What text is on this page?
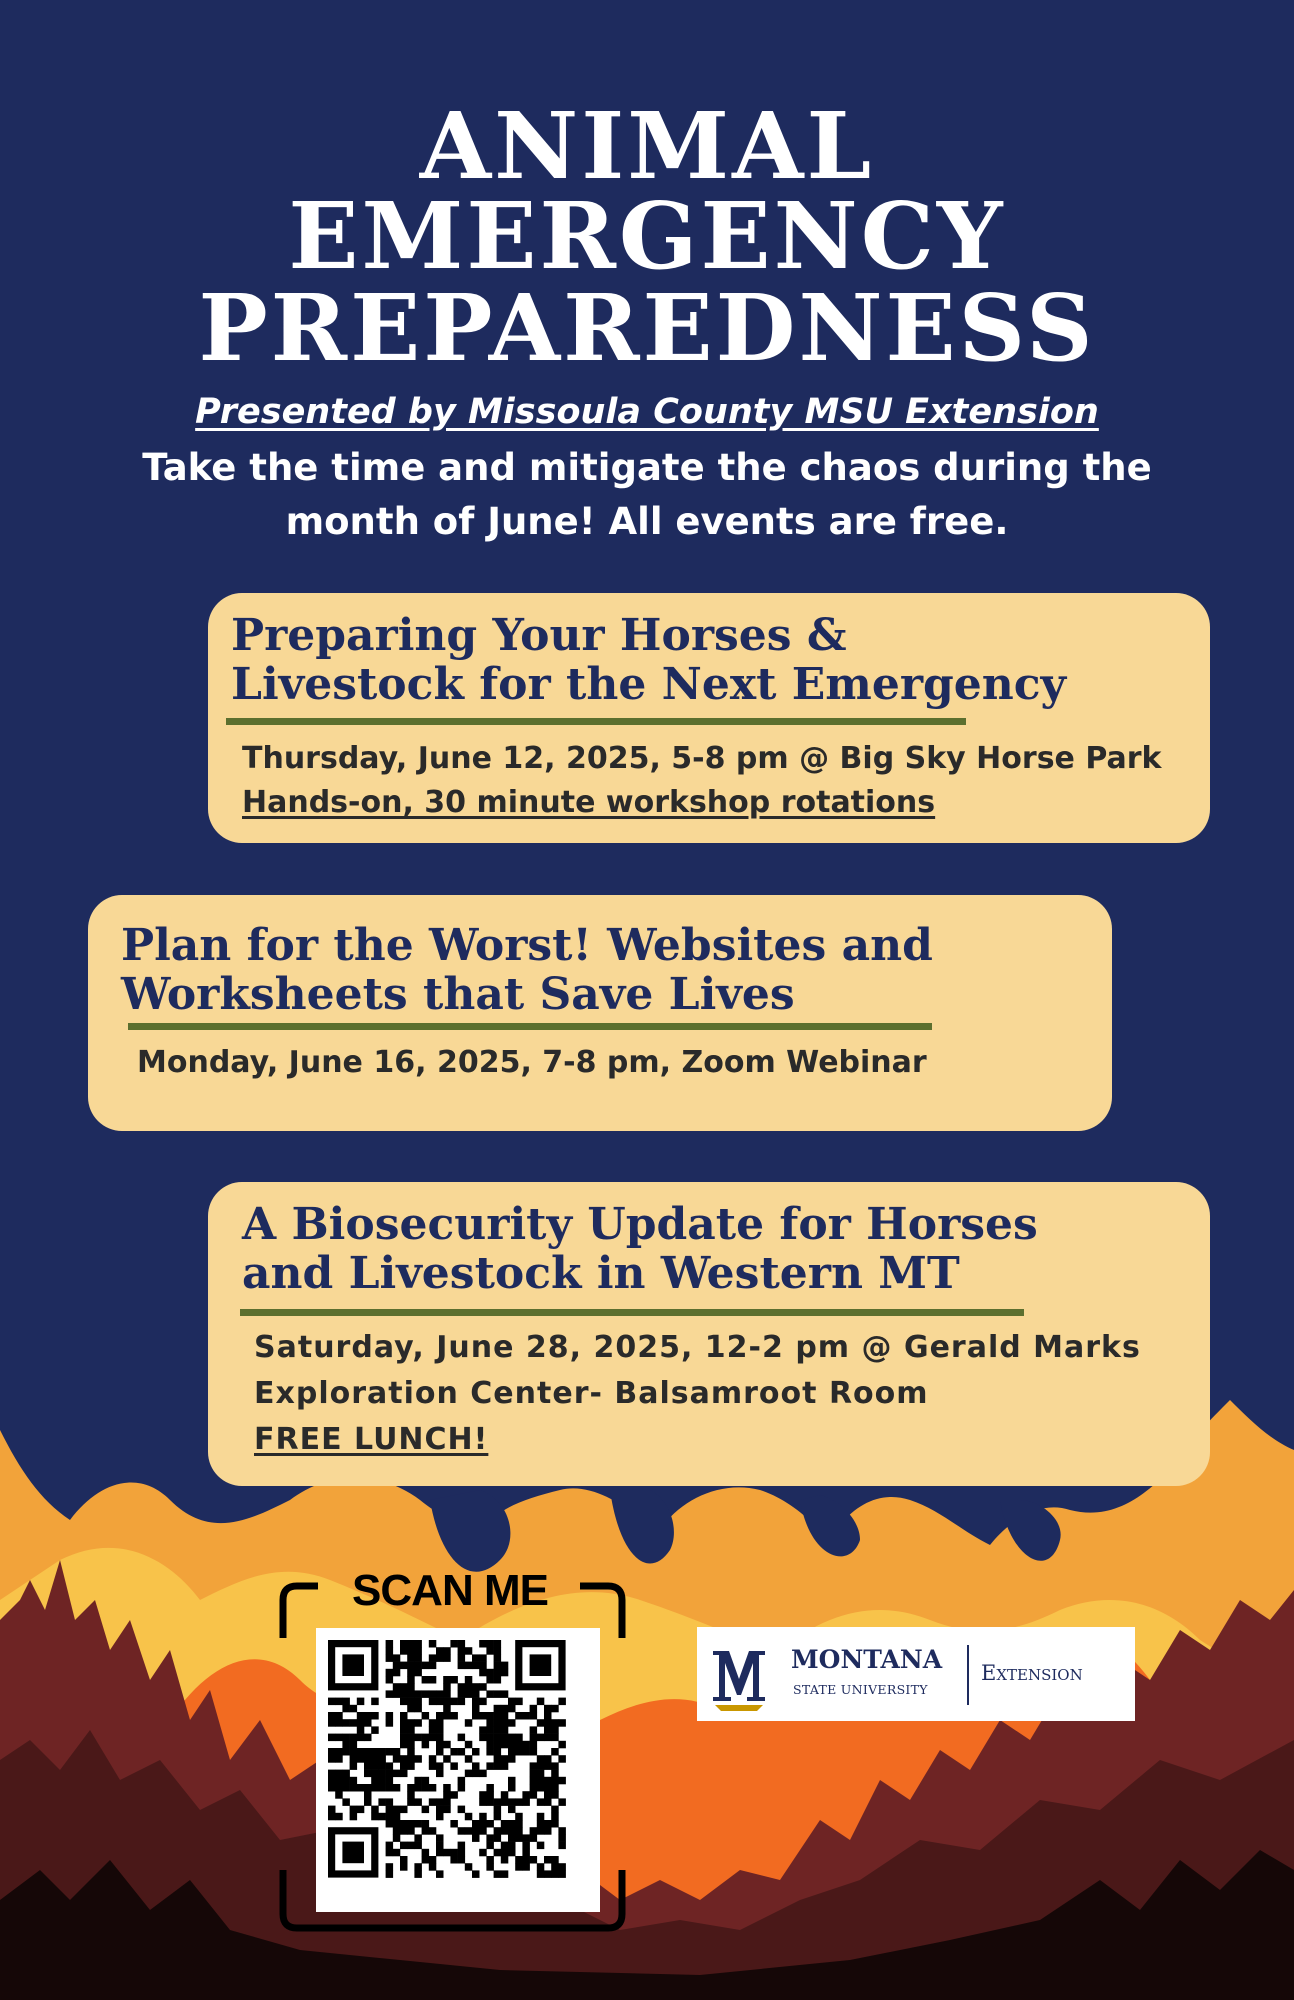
ANIMAL
EMERGENCY
PREPAREDNESS
Presented by Missoula County MSU Extension
Take the time and mitigate the chaos during the
month of June! All events are free.
Preparing Your Horses &
Livestock for the Next Emergency
Thursday, June 12, 2025, 5-8 pm @ Big Sky Horse Park
Hands-on, 30 minute workshop rotations
Plan for the Worst! Websites and
Worksheets that Save Lives
Monday, June 16, 2025, 7-8 pm, Zoom Webinar
A Biosecurity Update for Horses
and Livestock in Western MT
Saturday, June 28, 2025, 12-2 pm @ Gerald Marks
Exploration Center- Balsamroot Room
FREE LUNCH!
SCAN ME
MONTANA
STATE UNIVERSITY
Extension
